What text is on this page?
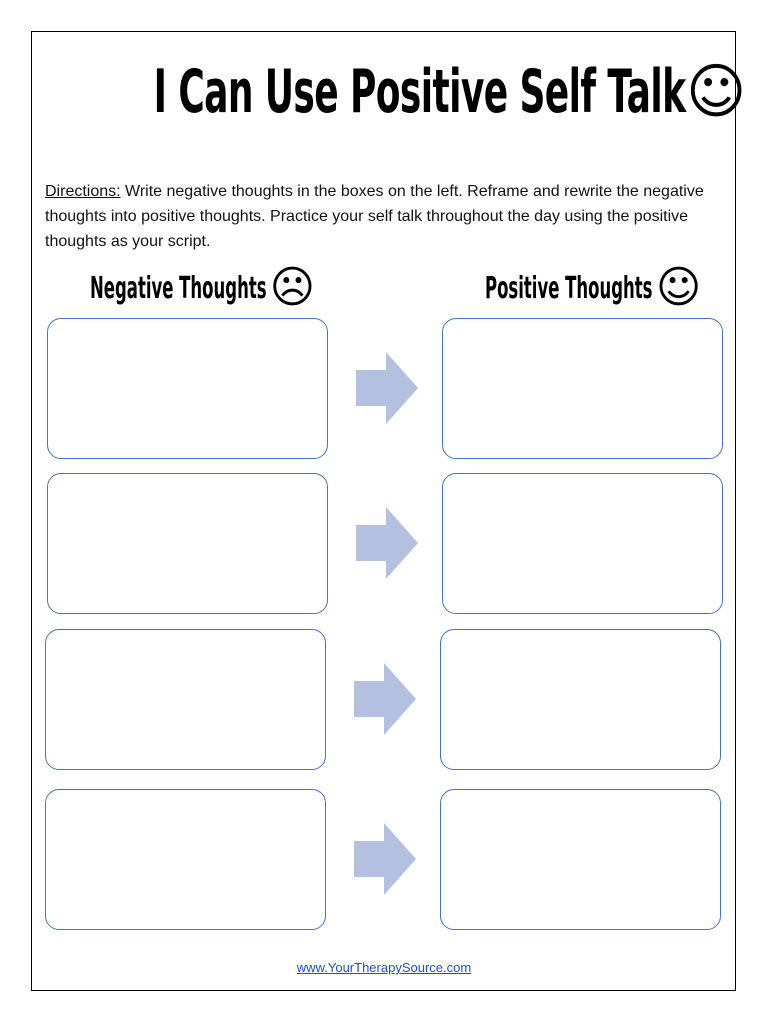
I Can Use Positive Self Talk☺
Directions: Write negative thoughts in the boxes on the left. Reframe and rewrite the negative thoughts into positive thoughts. Practice your self talk throughout the day using the positive thoughts as your script.
Negative Thoughts☹	Positive Thoughts☺
www.YourTherapySource.com
